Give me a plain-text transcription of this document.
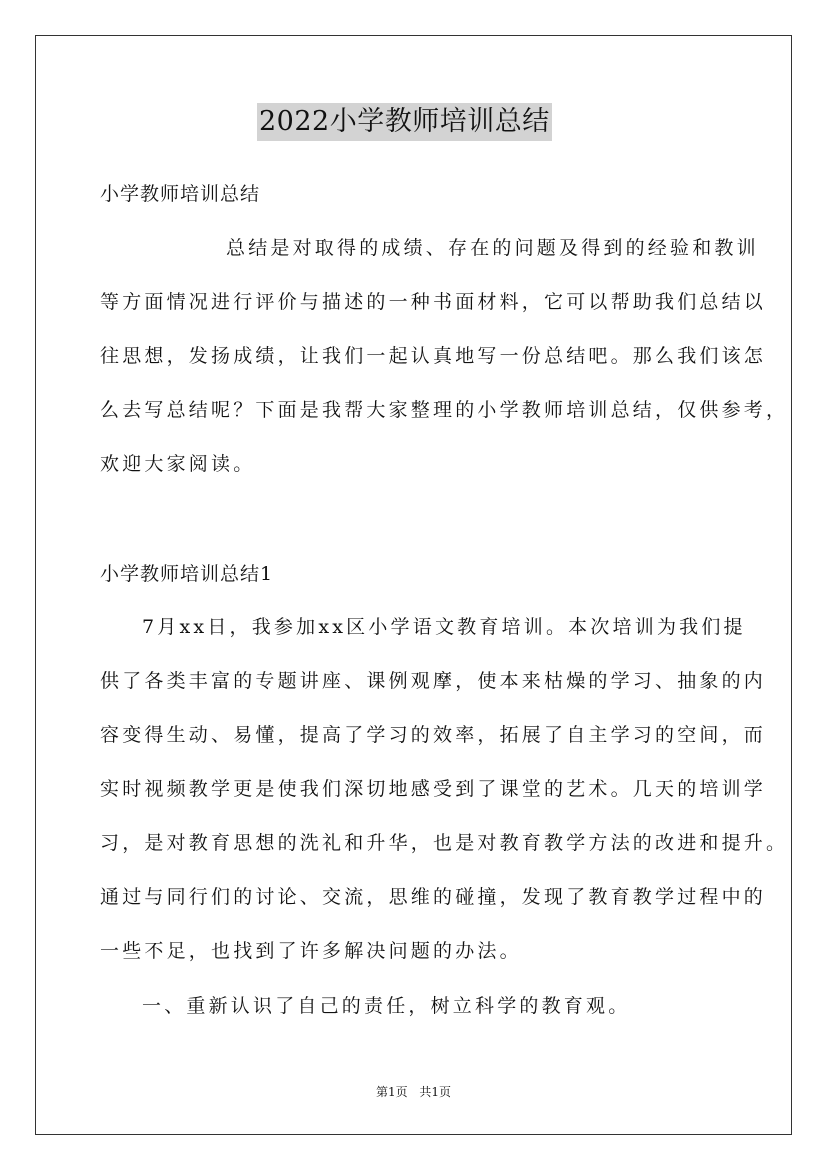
2022小学教师培训总结
小学教师培训总结
总结是对取得的成绩、存在的问题及得到的经验和教训
等方面情况进行评价与描述的一种书面材料，它可以帮助我们总结以
往思想，发扬成绩，让我们一起认真地写一份总结吧。那么我们该怎
么去写总结呢？下面是我帮大家整理的小学教师培训总结，仅供参考，
欢迎大家阅读。
小学教师培训总结1
7月xx日，我参加xx区小学语文教育培训。本次培训为我们提
供了各类丰富的专题讲座、课例观摩，使本来枯燥的学习、抽象的内
容变得生动、易懂，提高了学习的效率，拓展了自主学习的空间，而
实时视频教学更是使我们深切地感受到了课堂的艺术。几天的培训学
习，是对教育思想的洗礼和升华，也是对教育教学方法的改进和提升。
通过与同行们的讨论、交流，思维的碰撞，发现了教育教学过程中的
一些不足，也找到了许多解决问题的办法。
一、重新认识了自己的责任，树立科学的教育观。
第1页 共1页
